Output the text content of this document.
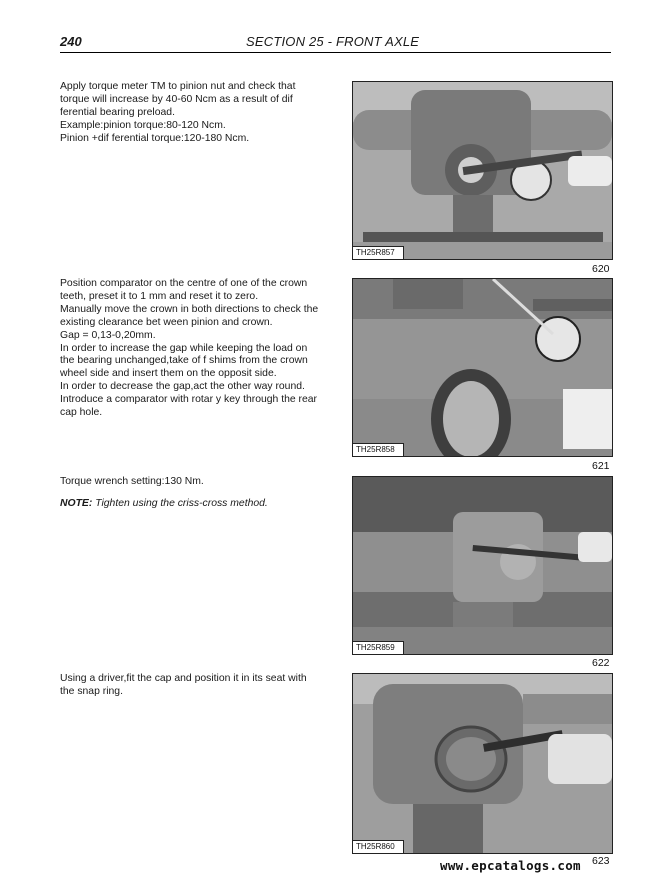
240	SECTION 25 - FRONT AXLE

Apply torque meter TM to pinion nut and check that torque will increase by 40-60 Ncm as a result of dif ferential bearing preload.

Example:pinion torque:80-120 Ncm.

Pinion +dif ferential torque:120-180 Ncm.

TH25R857
620

Position comparator on the centre of one of the crown teeth, preset it to 1 mm and reset it to zero.

Manually move the crown in both directions to check the existing clearance bet ween pinion and crown.

Gap = 0,13-0,20mm.

In order to increase the gap while keeping the load on the bearing unchanged,take of f shims from the crown wheel side and insert them on the opposit side.

In order to decrease the gap,act the other way round.

Introduce a comparator with rotar y key through the rear cap hole.

TH25R858
621

Torque wrench setting:130 Nm.

NOTE: Tighten using the criss-cross method.

TH25R859
622

Using a driver,fit the cap and position it in its seat with the snap ring.

TH25R860
623
www.epcatalogs.com
